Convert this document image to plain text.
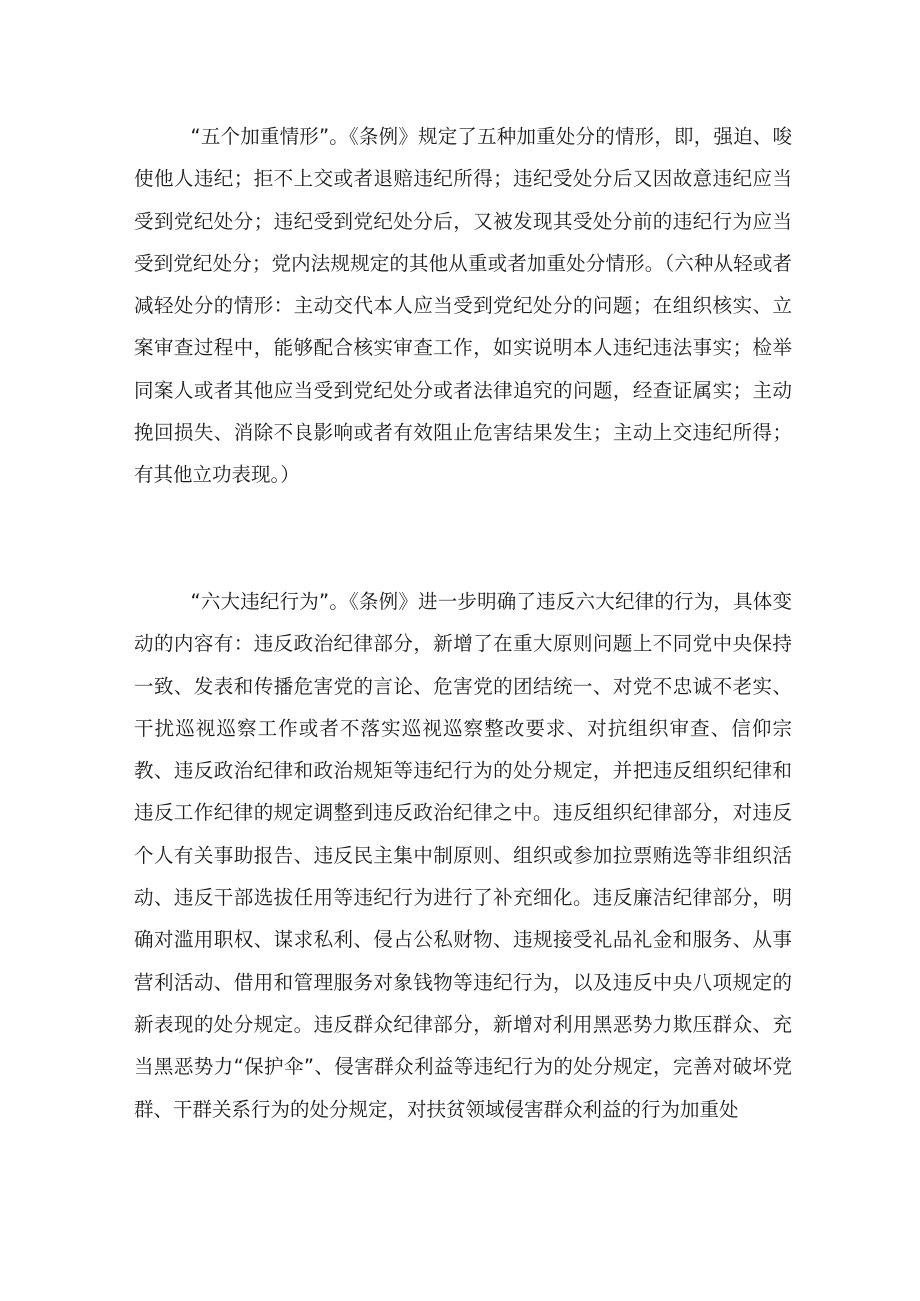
“五个加重情形”。《条例》规定了五种加重处分的情形，即，强迫、唆使他人违纪；拒不上交或者退赔违纪所得；违纪受处分后又因故意违纪应当受到党纪处分；违纪受到党纪处分后，又被发现其受处分前的违纪行为应当受到党纪处分；党内法规规定的其他从重或者加重处分情形。（六种从轻或者减轻处分的情形：主动交代本人应当受到党纪处分的问题；在组织核实、立案审查过程中，能够配合核实审查工作，如实说明本人违纪违法事实；检举同案人或者其他应当受到党纪处分或者法律追究的问题，经查证属实；主动挽回损失、消除不良影响或者有效阻止危害结果发生；主动上交违纪所得；有其他立功表现。）

“六大违纪行为”。《条例》进一步明确了违反六大纪律的行为，具体变动的内容有：违反政治纪律部分，新增了在重大原则问题上不同党中央保持一致、发表和传播危害党的言论、危害党的团结统一、对党不忠诚不老实、干扰巡视巡察工作或者不落实巡视巡察整改要求、对抗组织审查、信仰宗教、违反政治纪律和政治规矩等违纪行为的处分规定，并把违反组织纪律和违反工作纪律的规定调整到违反政治纪律之中。违反组织纪律部分，对违反个人有关事助报告、违反民主集中制原则、组织或参加拉票贿选等非组织活动、违反干部选拔任用等违纪行为进行了补充细化。违反廉洁纪律部分，明确对滥用职权、谋求私利、侵占公私财物、违规接受礼品礼金和服务、从事营利活动、借用和管理服务对象钱物等违纪行为，以及违反中央八项规定的新表现的处分规定。违反群众纪律部分，新增对利用黑恶势力欺压群众、充当黑恶势力“保护伞”、侵害群众利益等违纪行为的处分规定，完善对破坏党群、干群关系行为的处分规定，对扶贫领域侵害群众利益的行为加重处
